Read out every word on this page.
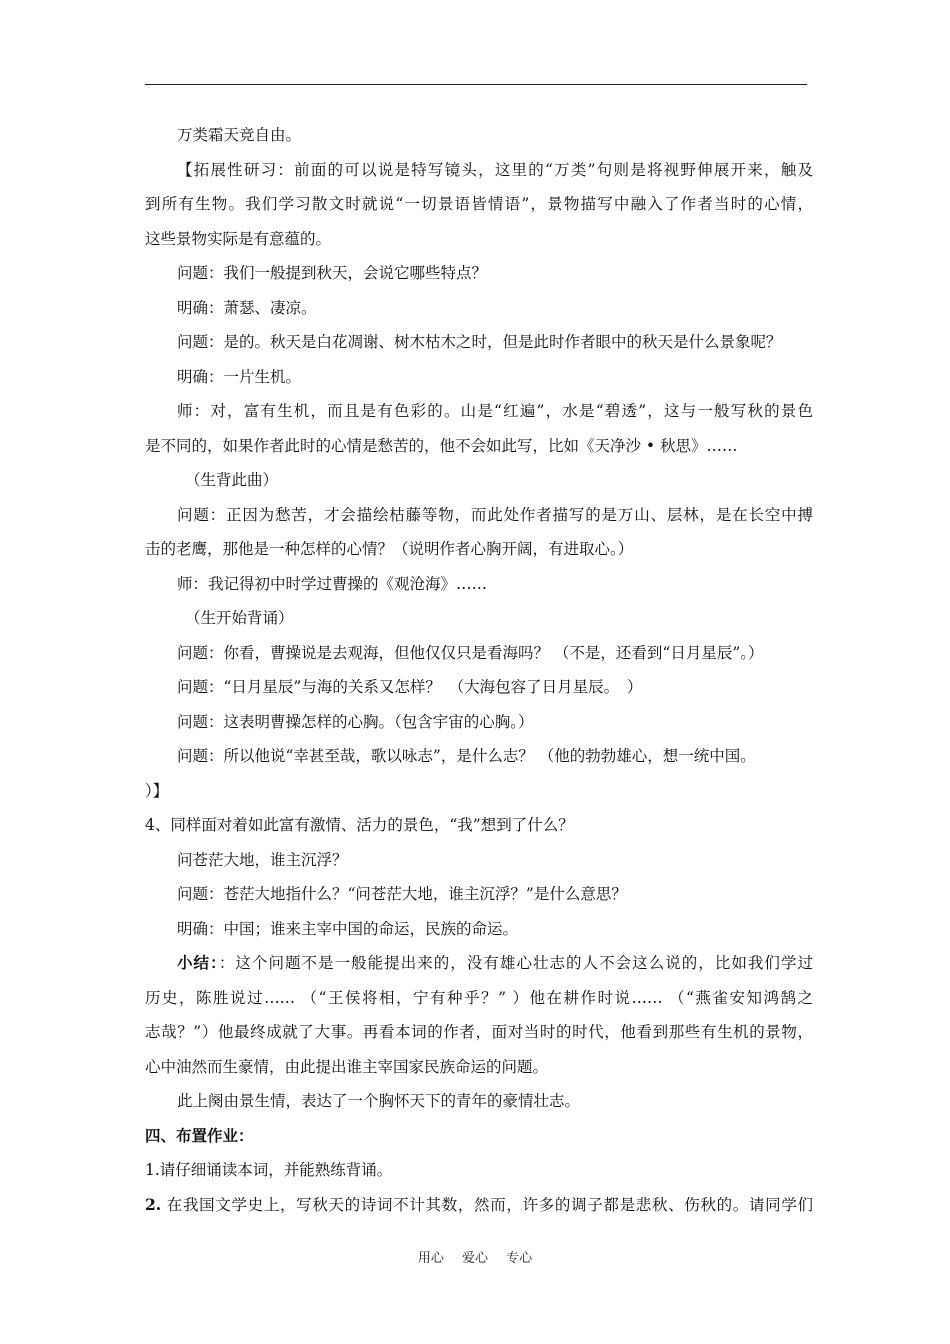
万类霜天竞自由。
【拓展性研习：前面的可以说是特写镜头，这里的“万类”句则是将视野伸展开来，触及
到所有生物。我们学习散文时就说“一切景语皆情语”，景物描写中融入了作者当时的心情，
这些景物实际是有意蕴的。
问题：我们一般提到秋天，会说它哪些特点？
明确：萧瑟、凄凉。
问题：是的。秋天是白花凋谢、树木枯木之时，但是此时作者眼中的秋天是什么景象呢？
明确：一片生机。
师：对，富有生机，而且是有色彩的。山是“红遍”，水是“碧透”，这与一般写秋的景色
是不同的，如果作者此时的心情是愁苦的，他不会如此写，比如《天净沙 • 秋思》……
（生背此曲）
问题：正因为愁苦，才会描绘枯藤等物，而此处作者描写的是万山、层林，是在长空中搏
击的老鹰，那他是一种怎样的心情？（说明作者心胸开阔，有进取心。）
师：我记得初中时学过曹操的《观沧海》……
（生开始背诵）
问题：你看，曹操说是去观海，但他仅仅只是看海吗？ （不是，还看到“日月星辰”。）
问题：“日月星辰”与海的关系又怎样？　（大海包容了日月星辰。　）
问题：这表明曹操怎样的心胸。（包含宇宙的心胸。）
问题：所以他说“幸甚至哉，歌以咏志”，是什么志？ （他的勃勃雄心，想一统中国。
）】
4、同样面对着如此富有激情、活力的景色，“我”想到了什么？
问苍茫大地，谁主沉浮？
问题：苍茫大地指什么？“问苍茫大地，谁主沉浮？”是什么意思？
明确：中国；谁来主宰中国的命运，民族的命运。
小结：：这个问题不是一般能提出来的，没有雄心壮志的人不会这么说的，比如我们学过
历史，陈胜说过…… （“王侯将相，宁有种乎？” ）他在耕作时说…… （“燕雀安知鸿鹄之
志哉？”）他最终成就了大事。再看本词的作者，面对当时的时代，他看到那些有生机的景物，
心中油然而生豪情，由此提出谁主宰国家民族命运的问题。
此上阕由景生情，表达了一个胸怀天下的青年的豪情壮志。
四、布置作业：
1.请仔细诵读本词，并能熟练背诵。
2. 在我国文学史上，写秋天的诗词不计其数，然而，许多的调子都是悲秋、伤秋的。请同学们
用心 爱心 专心
